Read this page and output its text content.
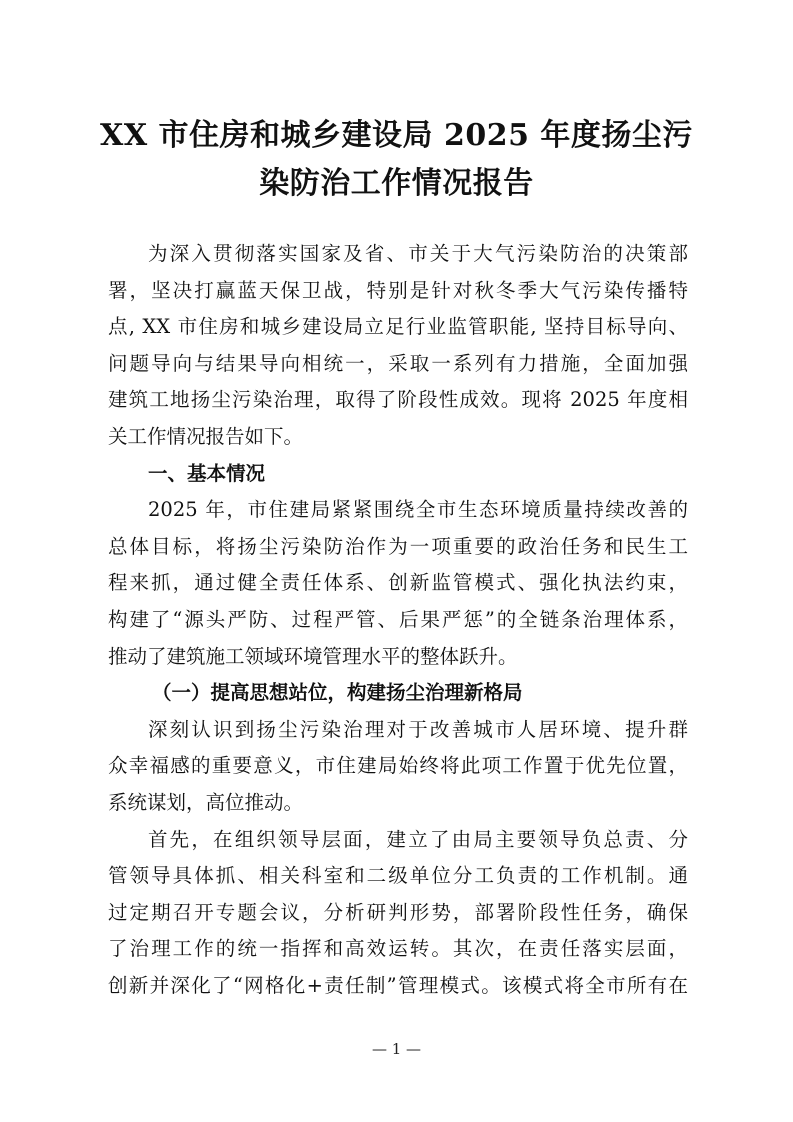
XX 市住房和城乡建设局 2025 年度扬尘污
染防治工作情况报告

为深入贯彻落实国家及省、市关于大气污染防治的决策部
署，坚决打赢蓝天保卫战，特别是针对秋冬季大气污染传播特
点, XX 市住房和城乡建设局立足行业监管职能, 坚持目标导向、
问题导向与结果导向相统一，采取一系列有力措施，全面加强
建筑工地扬尘污染治理，取得了阶段性成效。现将 2025 年度相
关工作情况报告如下。

一、基本情况

2025 年，市住建局紧紧围绕全市生态环境质量持续改善的
总体目标，将扬尘污染防治作为一项重要的政治任务和民生工
程来抓，通过健全责任体系、创新监管模式、强化执法约束，
构建了“源头严防、过程严管、后果严惩”的全链条治理体系，
推动了建筑施工领域环境管理水平的整体跃升。

（一）提高思想站位，构建扬尘治理新格局

深刻认识到扬尘污染治理对于改善城市人居环境、提升群
众幸福感的重要意义，市住建局始终将此项工作置于优先位置，
系统谋划，高位推动。

首先，在组织领导层面，建立了由局主要领导负总责、分
管领导具体抓、相关科室和二级单位分工负责的工作机制。通
过定期召开专题会议，分析研判形势，部署阶段性任务，确保
了治理工作的统一指挥和高效运转。其次，在责任落实层面，
创新并深化了“网格化+责任制”管理模式。该模式将全市所有在

— 1 —
